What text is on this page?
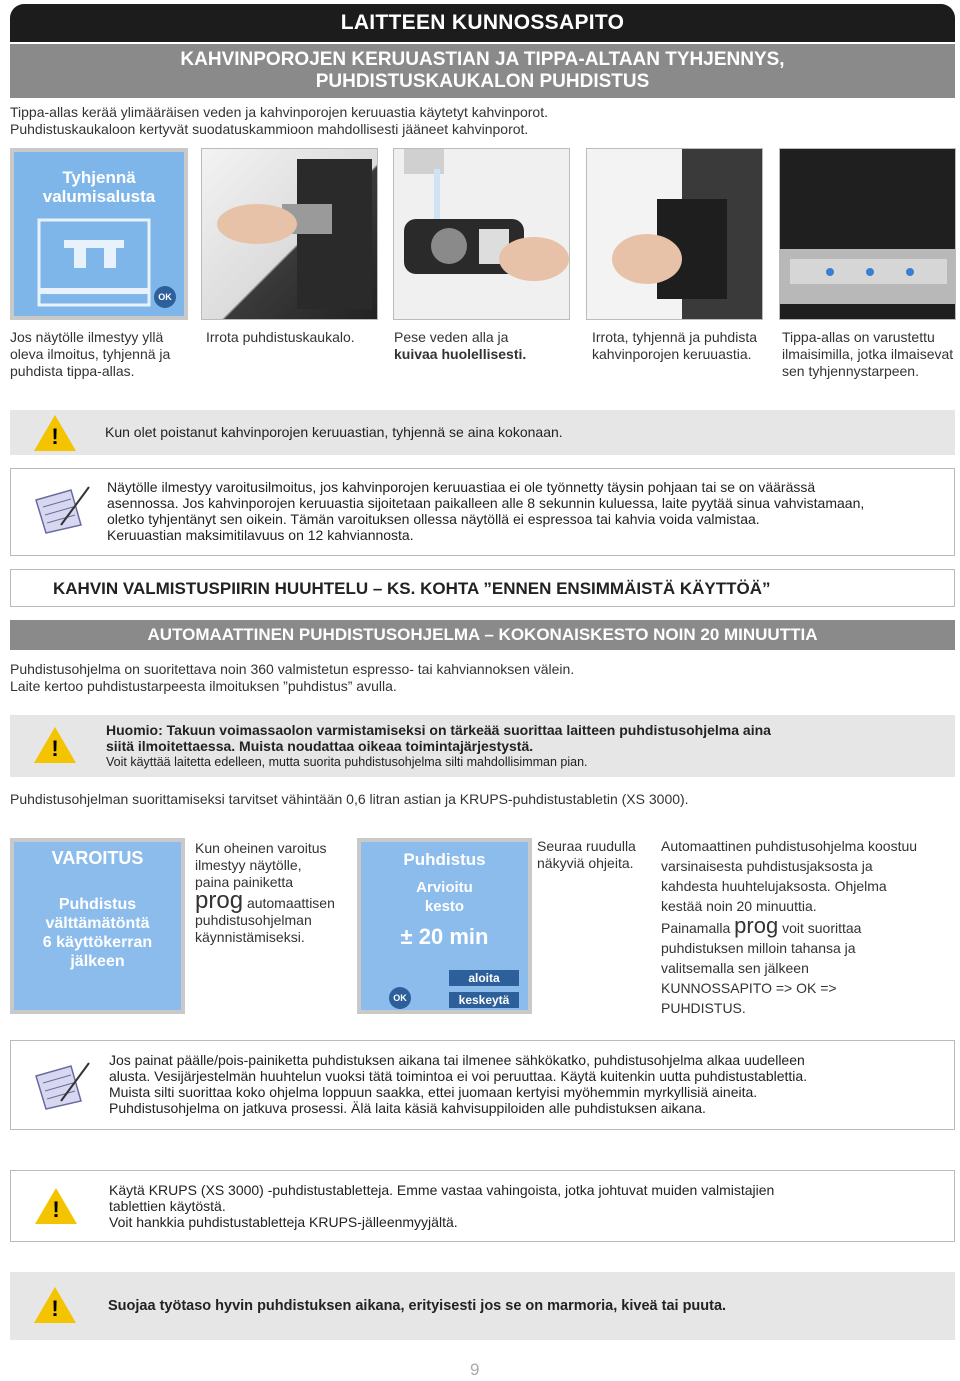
LAITTEEN KUNNOSSAPITO
KAHVINPOROJEN KERUUASTIAN JA TIPPA-ALTAAN TYHJENNYS,
PUHDISTUSKAUKALON PUHDISTUS
Tippa-allas kerää ylimääräisen veden ja kahvinporojen keruuastia käytetyt kahvinporot.
Puhdistuskaukaloon kertyvät suodatuskammioon mahdollisesti jääneet kahvinporot.
Tyhjennä
valumisalusta
OK
Jos näytölle ilmestyy yllä oleva ilmoitus, tyhjennä ja puhdista tippa-allas.
Irrota puhdistuskaukalo.	Pese veden alla ja
kuivaa huolellisesti.
Irrota, tyhjennä ja puhdista kahvinporojen keruuastia.
Tippa-allas on varustettu ilmaisimilla, jotka ilmaisevat sen tyhjennystarpeen.
!	Kun olet poistanut kahvinporojen keruuastian, tyhjennä se aina kokonaan.
Näytölle ilmestyy varoitusilmoitus, jos kahvinporojen keruuastiaa ei ole työnnetty täysin pohjaan tai se on väärässä
asennossa. Jos kahvinporojen keruuastia sijoitetaan paikalleen alle 8 sekunnin kuluessa, laite pyytää sinua vahvistamaan,
oletko tyhjentänyt sen oikein. Tämän varoituksen ollessa näytöllä ei espressoa tai kahvia voida valmistaa.
Keruuastian maksimitilavuus on 12 kahviannosta.
KAHVIN VALMISTUSPIIRIN HUUHTELU – KS. KOHTA ”ENNEN ENSIMMÄISTÄ KÄYTTÖÄ”
AUTOMAATTINEN PUHDISTUSOHJELMA – KOKONAISKESTO NOIN 20 MINUUTTIA
Puhdistusohjelma on suoritettava noin 360 valmistetun espresso- tai kahviannoksen välein.
Laite kertoo puhdistustarpeesta ilmoituksen ”puhdistus” avulla.
!
Huomio: Takuun voimassaolon varmistamiseksi on tärkeää suorittaa laitteen puhdistusohjelma aina
siitä ilmoitettaessa. Muista noudattaa oikeaa toimintajärjestystä.
Voit käyttää laitetta edelleen, mutta suorita puhdistusohjelma silti mahdollisimman pian.
Puhdistusohjelman suorittamiseksi tarvitset vähintään 0,6 litran astian ja KRUPS-puhdistustabletin (XS 3000).
VAROITUS
Puhdistus
välttämätöntä
6 käyttökerran
jälkeen
Kun oheinen varoitus
ilmestyy näytölle,
paina painiketta
prog automaattisen
puhdistusohjelman
käynnistämiseksi.
Puhdistus
Arvioitu
kesto
± 20 min
OK
aloita
keskeytä
Seuraa ruudulla
näkyviä ohjeita.
Automaattinen puhdistusohjelma koostuu
varsinaisesta puhdistusjaksosta ja
kahdesta huuhtelujaksosta. Ohjelma
kestää noin 20 minuuttia.
Painamalla prog voit suorittaa
puhdistuksen milloin tahansa ja
valitsemalla sen jälkeen
KUNNOSSAPITO => OK =>
PUHDISTUS.
Jos painat päälle/pois-painiketta puhdistuksen aikana tai ilmenee sähkökatko, puhdistusohjelma alkaa uudelleen
alusta. Vesijärjestelmän huuhtelun vuoksi tätä toimintoa ei voi peruuttaa. Käytä kuitenkin uutta puhdistustablettia.
Muista silti suorittaa koko ohjelma loppuun saakka, ettei juomaan kertyisi myöhemmin myrkyllisiä aineita.
Puhdistusohjelma on jatkuva prosessi. Älä laita käsiä kahvisuppiloiden alle puhdistuksen aikana.
!
Käytä KRUPS (XS 3000) -puhdistustabletteja. Emme vastaa vahingoista, jotka johtuvat muiden valmistajien
tablettien käytöstä.
Voit hankkia puhdistustabletteja KRUPS-jälleenmyyjältä.
!	Suojaa työtaso hyvin puhdistuksen aikana, erityisesti jos se on marmoria, kiveä tai puuta.
9
